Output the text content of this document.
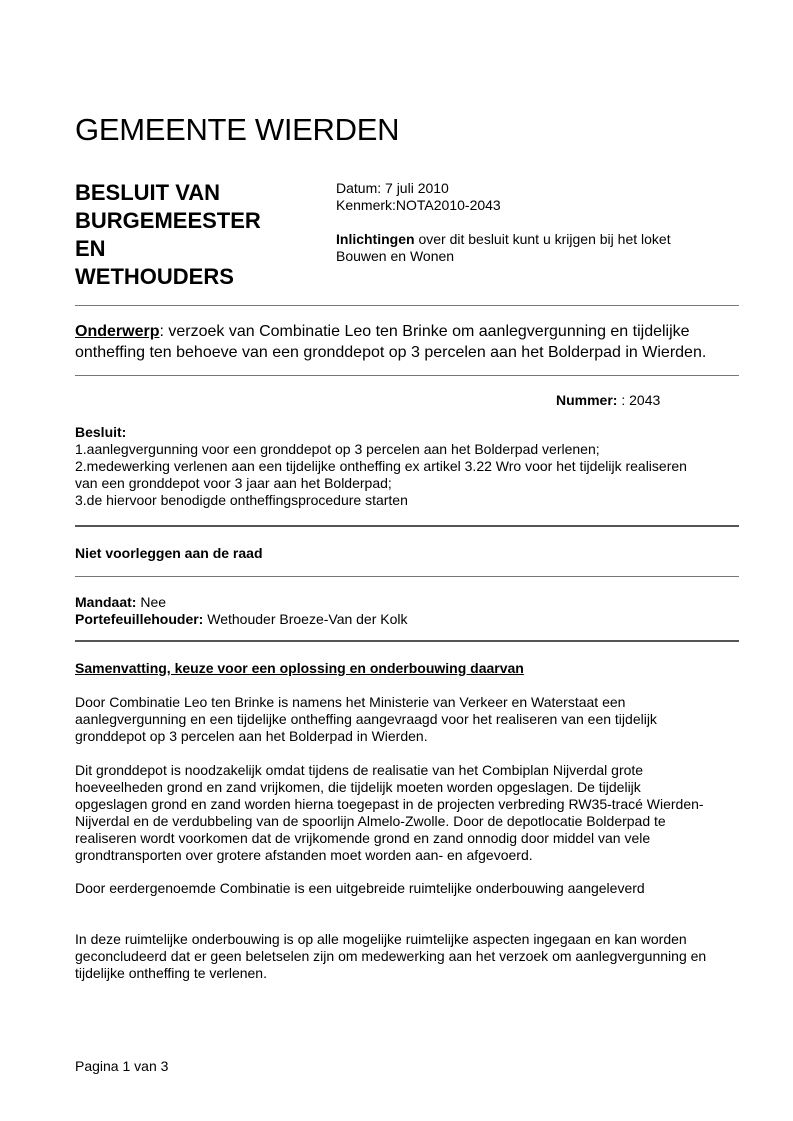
GEMEENTE WIERDEN
BESLUIT VAN
BURGEMEESTER
EN
WETHOUDERS
Datum: 7 juli 2010
Kenmerk:NOTA2010-2043
Inlichtingen over dit besluit kunt u krijgen bij het loket
Bouwen en Wonen
Onderwerp: verzoek van Combinatie Leo ten Brinke om aanlegvergunning en tijdelijke
ontheffing ten behoeve van een gronddepot op 3 percelen aan het Bolderpad in Wierden.
Nummer: : 2043
Besluit:
1.aanlegvergunning voor een gronddepot op 3 percelen aan het Bolderpad verlenen;
2.medewerking verlenen aan een tijdelijke ontheffing ex artikel 3.22 Wro voor het tijdelijk realiseren
van een gronddepot voor 3 jaar aan het Bolderpad;
3.de hiervoor benodigde ontheffingsprocedure starten
Niet voorleggen aan de raad
Mandaat: Nee
Portefeuillehouder: Wethouder Broeze-Van der Kolk
Samenvatting, keuze voor een oplossing en onderbouwing daarvan
Door Combinatie Leo ten Brinke is namens het Ministerie van Verkeer en Waterstaat een
aanlegvergunning en een tijdelijke ontheffing aangevraagd voor het realiseren van een tijdelijk
gronddepot op 3 percelen aan het Bolderpad in Wierden.
Dit gronddepot is noodzakelijk omdat tijdens de realisatie van het Combiplan Nijverdal grote
hoeveelheden grond en zand vrijkomen, die tijdelijk moeten worden opgeslagen. De tijdelijk
opgeslagen grond en zand worden hierna toegepast in de projecten verbreding RW35-tracé Wierden-
Nijverdal en de verdubbeling van de spoorlijn Almelo-Zwolle. Door de depotlocatie Bolderpad te
realiseren wordt voorkomen dat de vrijkomende grond en zand onnodig door middel van vele
grondtransporten over grotere afstanden moet worden aan- en afgevoerd.
Door eerdergenoemde Combinatie is een uitgebreide ruimtelijke onderbouwing aangeleverd
In deze ruimtelijke onderbouwing is op alle mogelijke ruimtelijke aspecten ingegaan en kan worden
geconcludeerd dat er geen beletselen zijn om medewerking aan het verzoek om aanlegvergunning en
tijdelijke ontheffing te verlenen.
Pagina 1 van 3
